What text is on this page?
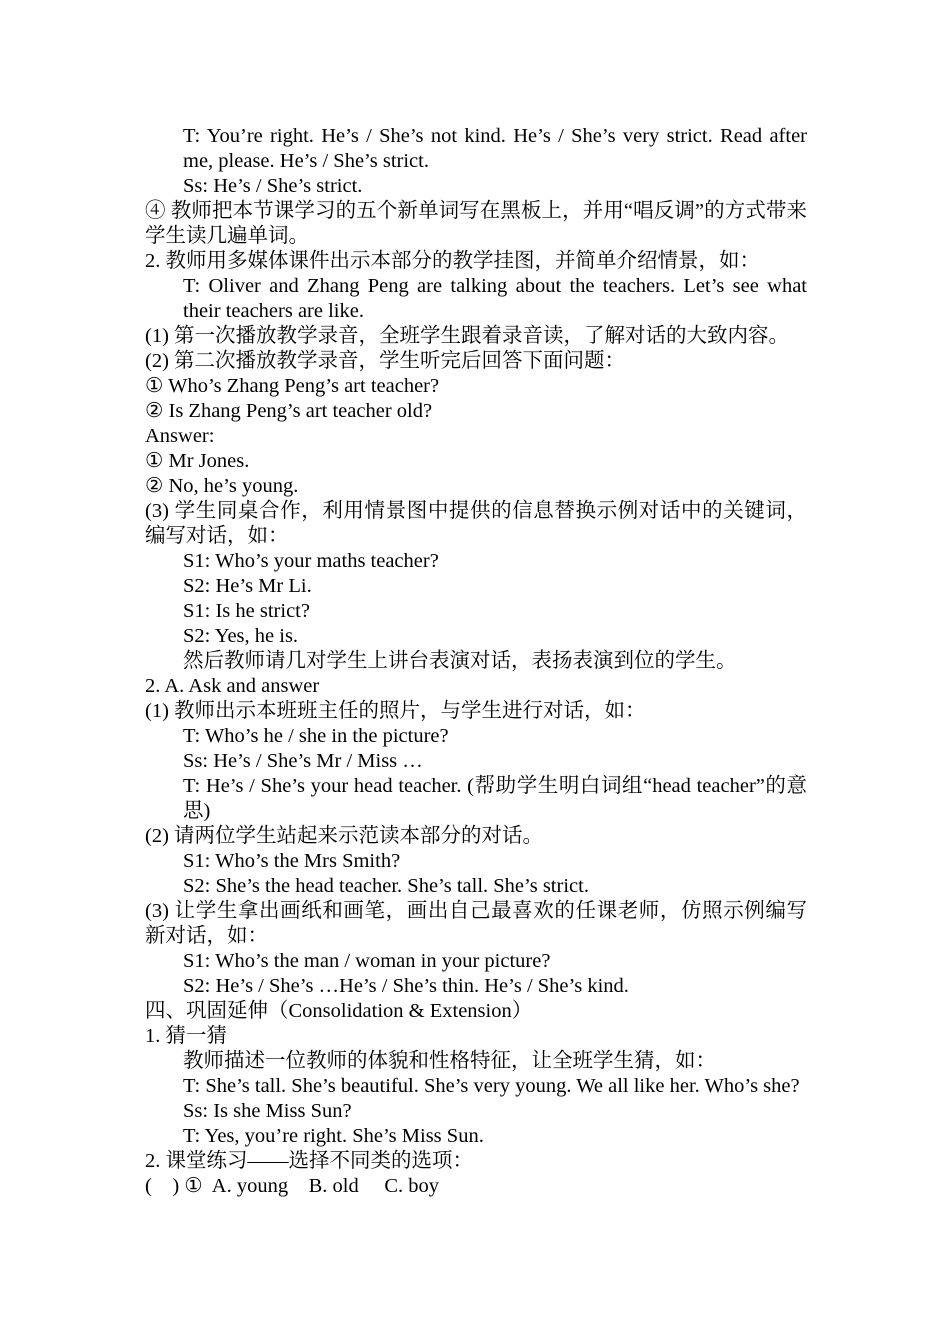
T: You’re right. He’s / She’s not kind. He’s / She’s very strict. Read after me, please. He’s / She’s strict.
Ss: He’s / She’s strict.
④ 教师把本节课学习的五个新单词写在黑板上，并用“唱反调”的方式带来学生读几遍单词。
2. 教师用多媒体课件出示本部分的教学挂图，并简单介绍情景，如：
T: Oliver and Zhang Peng are talking about the teachers. Let’s see what their teachers are like.
(1) 第一次播放教学录音，全班学生跟着录音读，了解对话的大致内容。
(2) 第二次播放教学录音，学生听完后回答下面问题：
① Who’s Zhang Peng’s art teacher?
② Is Zhang Peng’s art teacher old?
Answer:
① Mr Jones.
② No, he’s young.
(3) 学生同桌合作，利用情景图中提供的信息替换示例对话中的关键词，编写对话，如：
S1: Who’s your maths teacher?
S2: He’s Mr Li.
S1: Is he strict?
S2: Yes, he is.
然后教师请几对学生上讲台表演对话，表扬表演到位的学生。
2. A. Ask and answer
(1) 教师出示本班班主任的照片，与学生进行对话，如：
T: Who’s he / she in the picture?
Ss: He’s / She’s Mr / Miss …
T: He’s / She’s your head teacher. (帮助学生明白词组“head teacher”的意思)
(2) 请两位学生站起来示范读本部分的对话。
S1: Who’s the Mrs Smith?
S2: She’s the head teacher. She’s tall. She’s strict.
(3) 让学生拿出画纸和画笔，画出自己最喜欢的任课老师，仿照示例编写新对话，如：
S1: Who’s the man / woman in your picture?
S2: He’s / She’s …He’s / She’s thin. He’s / She’s kind.
四、巩固延伸（Consolidation & Extension）
1. 猜一猜
教师描述一位教师的体貌和性格特征，让全班学生猜，如：
T: She’s tall. She’s beautiful. She’s very young. We all like her. Who’s she?
Ss: Is she Miss Sun?
T: Yes, you’re right. She’s Miss Sun.
2. 课堂练习——选择不同类的选项：
(    ) ①  A. young    B. old     C. boy
